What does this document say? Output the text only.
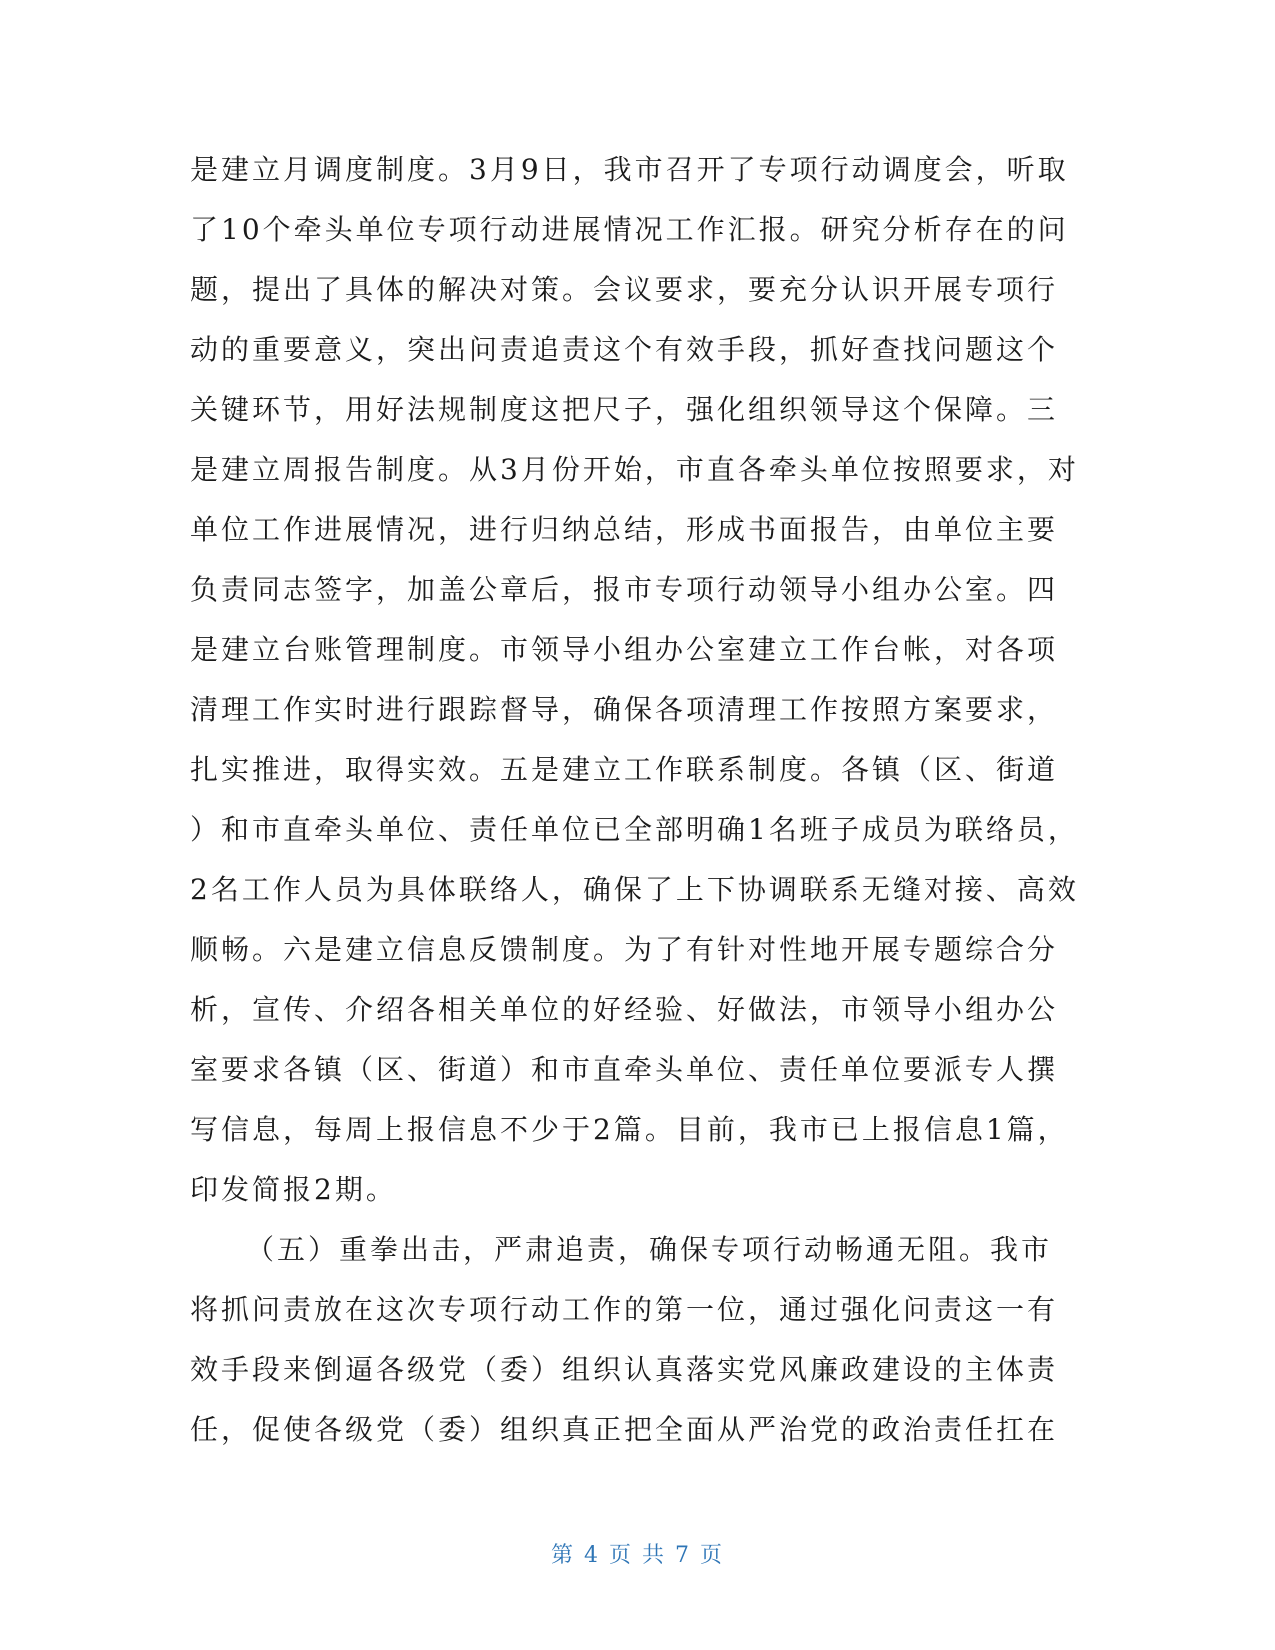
是建立月调度制度。3月9日，我市召开了专项行动调度会，听取
了10个牵头单位专项行动进展情况工作汇报。研究分析存在的问
题，提出了具体的解决对策。会议要求，要充分认识开展专项行
动的重要意义，突出问责追责这个有效手段，抓好查找问题这个
关键环节，用好法规制度这把尺子，强化组织领导这个保障。三
是建立周报告制度。从3月份开始，市直各牵头单位按照要求，对
单位工作进展情况，进行归纳总结，形成书面报告，由单位主要
负责同志签字，加盖公章后，报市专项行动领导小组办公室。四
是建立台账管理制度。市领导小组办公室建立工作台帐，对各项
清理工作实时进行跟踪督导，确保各项清理工作按照方案要求，
扎实推进，取得实效。五是建立工作联系制度。各镇（区、街道
）和市直牵头单位、责任单位已全部明确1名班子成员为联络员，
2名工作人员为具体联络人，确保了上下协调联系无缝对接、高效
顺畅。六是建立信息反馈制度。为了有针对性地开展专题综合分
析，宣传、介绍各相关单位的好经验、好做法，市领导小组办公
室要求各镇（区、街道）和市直牵头单位、责任单位要派专人撰
写信息，每周上报信息不少于2篇。目前，我市已上报信息1篇，
印发简报2期。
（五）重拳出击，严肃追责，确保专项行动畅通无阻。我市
将抓问责放在这次专项行动工作的第一位，通过强化问责这一有
效手段来倒逼各级党（委）组织认真落实党风廉政建设的主体责
任，促使各级党（委）组织真正把全面从严治党的政治责任扛在
第 4 页 共 7 页
